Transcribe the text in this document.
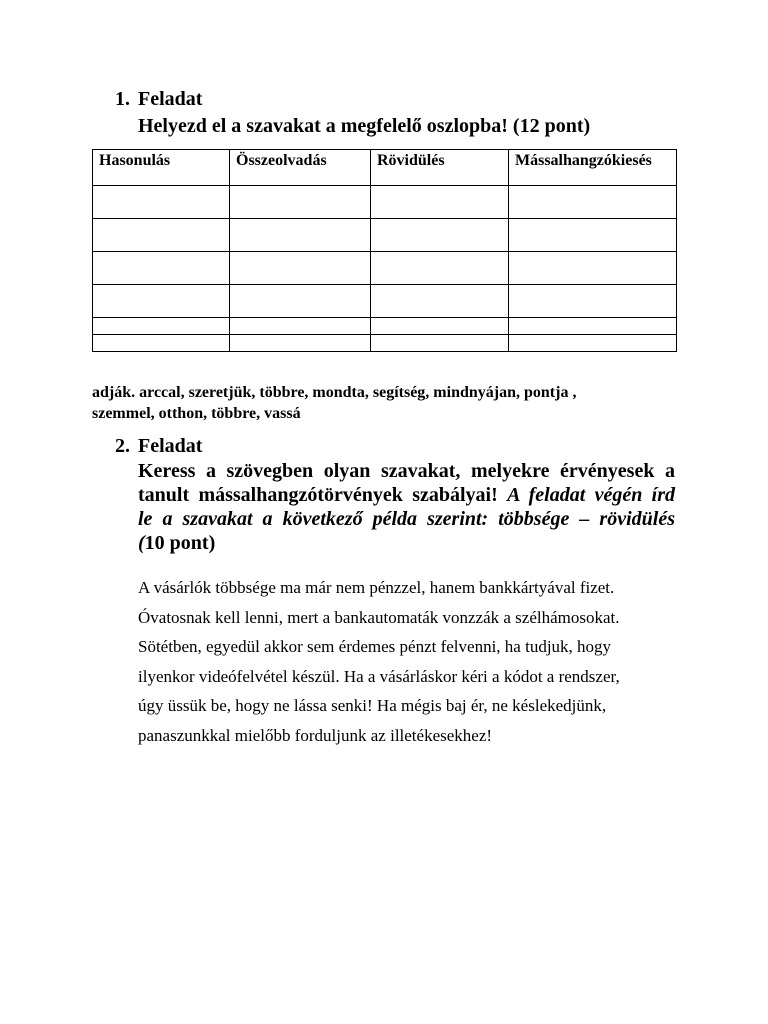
1. Feladat
Helyezd el a szavakat a megfelelő oszlopba! (12 pont)
Hasonulás	Összeolvadás	Rövidülés	Mássalhangzókiesés

adják. arccal, szeretjük, többre, mondta, segítség, mindnyájan, pontja ,
szemmel, otthon, többre, vassá
2. Feladat
Keress a szövegben olyan szavakat, melyekre érvényesek a
tanult mássalhangzótörvények szabályai! A feladat végén írd
le a szavakat a következő példa szerint: többsége – rövidülés
(10 pont)
A vásárlók többsége ma már nem pénzzel, hanem bankkártyával fizet.
Óvatosnak kell lenni, mert a bankautomaták vonzzák a szélhámosokat.
Sötétben, egyedül akkor sem érdemes pénzt felvenni, ha tudjuk, hogy
ilyenkor videófelvétel készül. Ha a vásárláskor kéri a kódot a rendszer,
úgy üssük be, hogy ne lássa senki! Ha mégis baj ér, ne késlekedjünk,
panaszunkkal mielőbb forduljunk az illetékesekhez!
